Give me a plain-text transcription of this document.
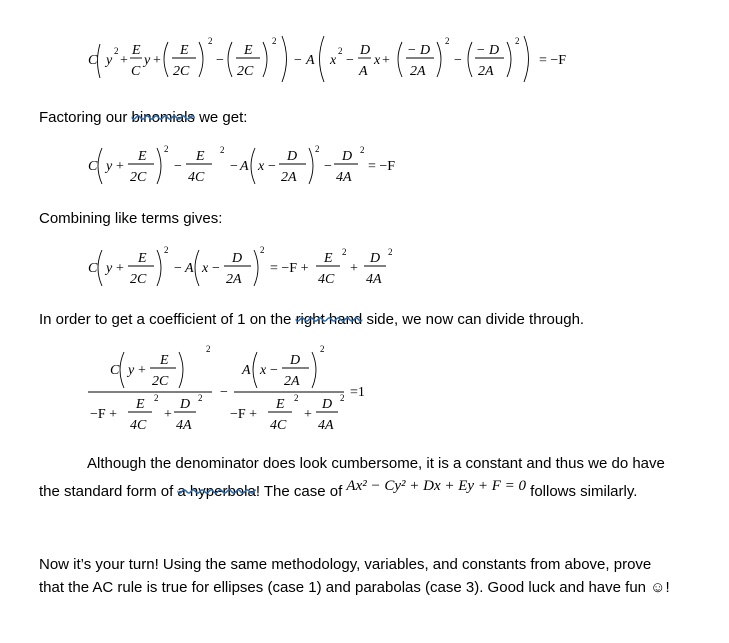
C y
2
+
E
C
y +
E
2C
2
−
E
2C
2
− A x
2
−
D
A
x +
− D
2A
2
−
− D
2A
2
= −F
Factoring our binomials we get:
C y +
E
2C
2
−
E 2
4C
− A x −
D
2A
2
−
D 2
4A
= −F
Combining like terms gives:
C y +
E
2C
2
− A x −
D
2A
2
= −F +
E 2
4C
+
D 2
4A
In order to get a coefficient of 1 on the right hand side, we now can divide through.
C y +
E
2C
2
−F +
E 2
4C
+
D 2
4A
−
A x −
D
2A
2
−F +
E 2
4C
+
D 2
4A
=1
Although the denominator does look cumbersome, it is a constant and thus we do have
the standard form of a hyperbola! The case of Ax² − Cy² + Dx + Ey + F = 0 follows similarly.
Now it’s your turn! Using the same methodology, variables, and constants from above, prove
that the AC rule is true for ellipses (case 1) and parabolas (case 3). Good luck and have fun ☺!
